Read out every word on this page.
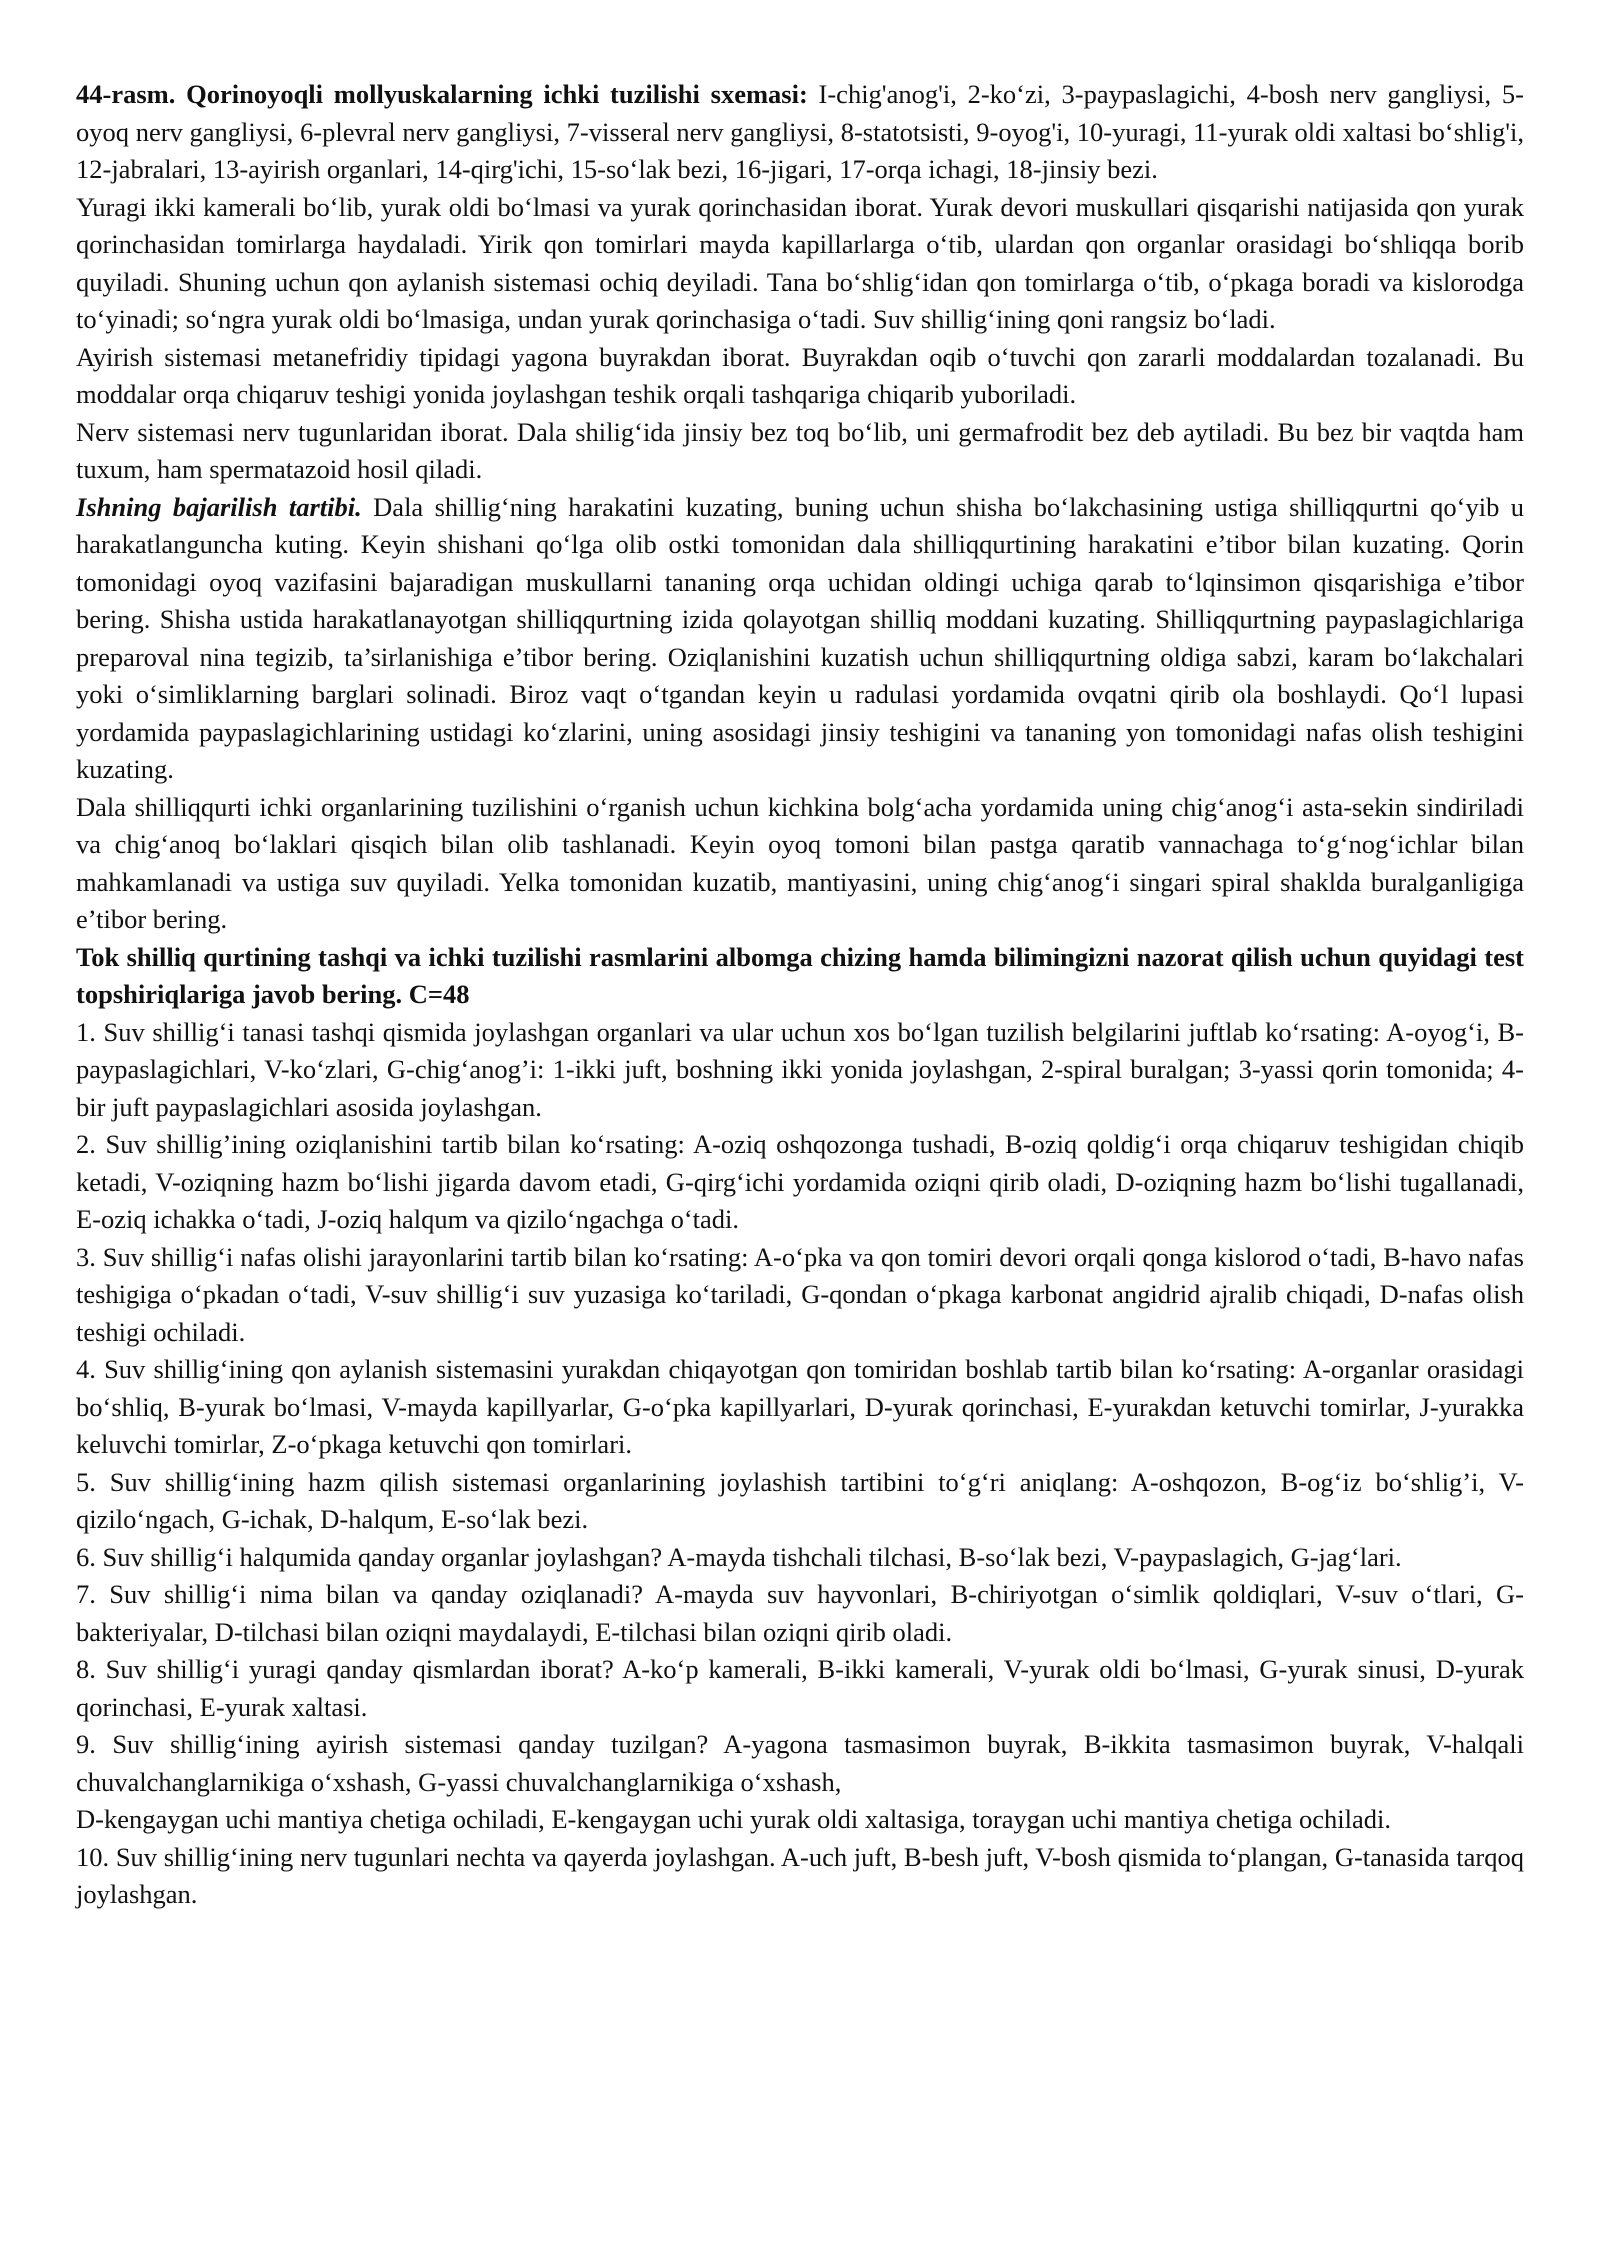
44-rasm. Qorinoyoqli mollyuskalarning ichki tuzilishi sxemasi: I-chig'anog'i, 2-ko‘zi, 3-paypaslagichi, 4-bosh nerv gangliysi, 5-oyoq nerv gangliysi, 6-plevral nerv gangliysi, 7-visseral nerv gangliysi, 8-statotsisti, 9-oyog'i, 10-yuragi, 11-yurak oldi xaltasi bo‘shlig'i, 12-jabralari, 13-ayirish organlari, 14-qirg'ichi, 15-so‘lak bezi, 16-jigari, 17-orqa ichagi, 18-jinsiy bezi.

Yuragi ikki kamerali bo‘lib, yurak oldi bo‘lmasi va yurak qorinchasidan iborat. Yurak devori muskullari qisqarishi natijasida qon yurak qorinchasidan tomirlarga haydaladi. Yirik qon tomirlari mayda kapillarlarga o‘tib, ulardan qon organlar orasidagi bo‘shliqqa borib quyiladi. Shuning uchun qon aylanish sistemasi ochiq deyiladi. Tana bo‘shlig‘idan qon tomirlarga o‘tib, o‘pkaga boradi va kislorodga to‘yinadi; so‘ngra yurak oldi bo‘lmasiga, undan yurak qorinchasiga o‘tadi. Suv shillig‘ining qoni rangsiz bo‘ladi.

Ayirish sistemasi metanefridiy tipidagi yagona buyrakdan iborat. Buyrakdan oqib o‘tuvchi qon zararli moddalardan tozalanadi. Bu moddalar orqa chiqaruv teshigi yonida joylashgan teshik orqali tashqariga chiqarib yuboriladi.

Nerv sistemasi nerv tugunlaridan iborat. Dala shilig‘ida jinsiy bez toq bo‘lib, uni germafrodit bez deb aytiladi. Bu bez bir vaqtda ham tuxum, ham spermatazoid hosil qiladi.

Ishning bajarilish tartibi. Dala shillig‘ning harakatini kuzating, buning uchun shisha bo‘lakchasining ustiga shilliqqurtni qo‘yib u harakatlanguncha kuting. Keyin shishani qo‘lga olib ostki tomonidan dala shilliqqurtining harakatini e’tibor bilan kuzating. Qorin tomonidagi oyoq vazifasini bajaradigan muskullarni tananing orqa uchidan oldingi uchiga qarab to‘lqinsimon qisqarishiga e’tibor bering. Shisha ustida harakatlanayotgan shilliqqurtning izida qolayotgan shilliq moddani kuzating. Shilliqqurtning paypaslagichlariga preparoval nina tegizib, ta’sirlanishiga e’tibor bering. Oziqlanishini kuzatish uchun shilliqqurtning oldiga sabzi, karam bo‘lakchalari yoki o‘simliklarning barglari solinadi. Biroz vaqt o‘tgandan keyin u radulasi yordamida ovqatni qirib ola boshlaydi. Qo‘l lupasi yordamida paypaslagichlarining ustidagi ko‘zlarini, uning asosidagi jinsiy teshigini va tananing yon tomonidagi nafas olish teshigini kuzating.

Dala shilliqqurti ichki organlarining tuzilishini o‘rganish uchun kichkina bolg‘acha yordamida uning chig‘anog‘i asta-sekin sindiriladi va chig‘anoq bo‘laklari qisqich bilan olib tashlanadi. Keyin oyoq tomoni bilan pastga qaratib vannachaga to‘g‘nog‘ichlar bilan mahkamlanadi va ustiga suv quyiladi. Yelka tomonidan kuzatib, mantiyasini, uning chig‘anog‘i singari spiral shaklda buralganligiga e’tibor bering.

Tok shilliq qurtining tashqi va ichki tuzilishi rasmlarini albomga chizing hamda bilimingizni nazorat qilish uchun quyidagi test topshiriqlariga javob bering. C=48

1. Suv shillig‘i tanasi tashqi qismida joylashgan organlari va ular uchun xos bo‘lgan tuzilish belgilarini juftlab ko‘rsating: A-oyog‘i, B-paypaslagichlari, V-ko‘zlari, G-chig‘anog’i: 1-ikki juft, boshning ikki yonida joylashgan, 2-spiral buralgan; 3-yassi qorin tomonida; 4-bir juft paypaslagichlari asosida joylashgan.

2. Suv shillig’ining oziqlanishini tartib bilan ko‘rsating: A-oziq oshqozonga tushadi, B-oziq qoldig‘i orqa chiqaruv teshigidan chiqib ketadi, V-oziqning hazm bo‘lishi jigarda davom etadi, G-qirg‘ichi yordamida oziqni qirib oladi, D-oziqning hazm bo‘lishi tugallanadi, E-oziq ichakka o‘tadi, J-oziq halqum va qizilo‘ngachga o‘tadi.

3. Suv shillig‘i nafas olishi jarayonlarini tartib bilan ko‘rsating: A-o‘pka va qon tomiri devori orqali qonga kislorod o‘tadi, B-havo nafas teshigiga o‘pkadan o‘tadi, V-suv shillig‘i suv yuzasiga ko‘tariladi, G-qondan o‘pkaga karbonat angidrid ajralib chiqadi, D-nafas olish teshigi ochiladi.

4. Suv shillig‘ining qon aylanish sistemasini yurakdan chiqayotgan qon tomiridan boshlab tartib bilan ko‘rsating: A-organlar orasidagi bo‘shliq, B-yurak bo‘lmasi, V-mayda kapillyarlar, G-o‘pka kapillyarlari, D-yurak qorinchasi, E-yurakdan ketuvchi tomirlar, J-yurakka keluvchi tomirlar, Z-o‘pkaga ketuvchi qon tomirlari.

5. Suv shillig‘ining hazm qilish sistemasi organlarining joylashish tartibini to‘g‘ri aniqlang: A-oshqozon, B-og‘iz bo‘shlig’i, V-qizilo‘ngach, G-ichak, D-halqum, E-so‘lak bezi.

6. Suv shillig‘i halqumida qanday organlar joylashgan? A-mayda tishchali tilchasi, B-so‘lak bezi, V-paypaslagich, G-jag‘lari.

7. Suv shillig‘i nima bilan va qanday oziqlanadi? A-mayda suv hayvonlari, B-chiriyotgan o‘simlik qoldiqlari, V-suv o‘tlari, G-bakteriyalar, D-tilchasi bilan oziqni maydalaydi, E-tilchasi bilan oziqni qirib oladi.

8. Suv shillig‘i yuragi qanday qismlardan iborat? A-ko‘p kamerali, B-ikki kamerali, V-yurak oldi bo‘lmasi, G-yurak sinusi, D-yurak qorinchasi, E-yurak xaltasi.

9. Suv shillig‘ining ayirish sistemasi qanday tuzilgan? A-yagona tasmasimon buyrak, B-ikkita tasmasimon buyrak, V-halqali chuvalchanglarnikiga o‘xshash, G-yassi chuvalchanglarnikiga o‘xshash,

D-kengaygan uchi mantiya chetiga ochiladi, E-kengaygan uchi yurak oldi xaltasiga, toraygan uchi mantiya chetiga ochiladi.

10. Suv shillig‘ining nerv tugunlari nechta va qayerda joylashgan. A-uch juft, B-besh juft, V-bosh qismida to‘plangan, G-tanasida tarqoq joylashgan.
